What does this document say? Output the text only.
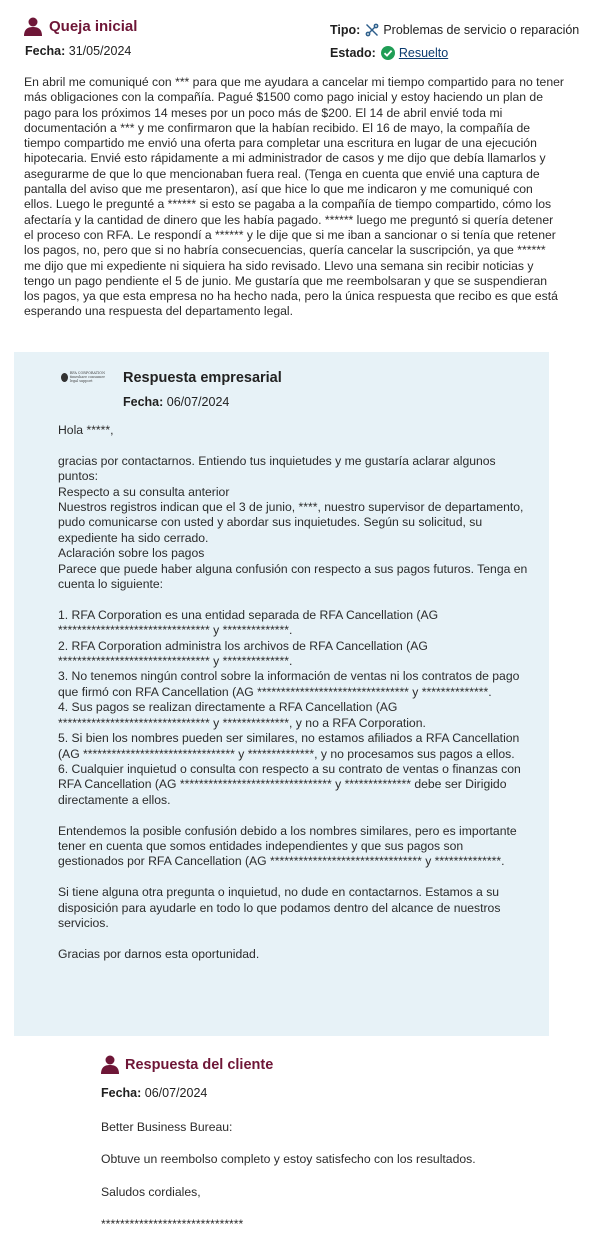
Queja inicial
Fecha: 31/05/2024
Tipo: Problemas de servicio o reparación
Estado: Resuelto
En abril me comuniqué con *** para que me ayudara a cancelar mi tiempo compartido para no tener más obligaciones con la compañía. Pagué $1500 como pago inicial y estoy haciendo un plan de pago para los próximos 14 meses por un poco más de $200. El 14 de abril envié toda mi documentación a *** y me confirmaron que la habían recibido. El 16 de mayo, la compañía de tiempo compartido me envió una oferta para completar una escritura en lugar de una ejecución hipotecaria. Envié esto rápidamente a mi administrador de casos y me dijo que debía llamarlos y asegurarme de que lo que mencionaban fuera real. (Tenga en cuenta que envié una captura de pantalla del aviso que me presentaron), así que hice lo que me indicaron y me comuniqué con ellos. Luego le pregunté a ****** si esto se pagaba a la compañía de tiempo compartido, cómo los afectaría y la cantidad de dinero que les había pagado. ****** luego me preguntó si quería detener el proceso con RFA. Le respondí a ****** y le dije que si me iban a sancionar o si tenía que retener los pagos, no, pero que si no habría consecuencias, quería cancelar la suscripción, ya que ****** me dijo que mi expediente ni siquiera ha sido revisado. Llevo una semana sin recibir noticias y tengo un pago pendiente el 5 de junio. Me gustaría que me reembolsaran y que se suspendieran los pagos, ya que esta empresa no ha hecho nada, pero la única respuesta que recibo es que está esperando una respuesta del departamento legal.
RFA CORPORATION
timeshare consumer legal support	Respuesta empresarial
Fecha: 06/07/2024

Hola *****,

gracias por contactarnos. Entiendo tus inquietudes y me gustaría aclarar algunos puntos:

Respecto a su consulta anterior

Nuestros registros indican que el 3 de junio, ****, nuestro supervisor de departamento, pudo comunicarse con usted y abordar sus inquietudes. Según su solicitud, su expediente ha sido cerrado.

Aclaración sobre los pagos

Parece que puede haber alguna confusión con respecto a sus pagos futuros. Tenga en cuenta lo siguiente:

1. RFA Corporation es una entidad separada de RFA Cancellation (AG ******************************** y **************.

2. RFA Corporation administra los archivos de RFA Cancellation (AG ******************************** y **************.

3. No tenemos ningún control sobre la información de ventas ni los contratos de pago que firmó con RFA Cancellation (AG ******************************** y **************.

4. Sus pagos se realizan directamente a RFA Cancellation (AG ******************************** y **************, y no a RFA Corporation.

5. Si bien los nombres pueden ser similares, no estamos afiliados a RFA Cancellation (AG ******************************** y **************, y no procesamos sus pagos a ellos.

6. Cualquier inquietud o consulta con respecto a su contrato de ventas o finanzas con RFA Cancellation (AG ******************************** y ************** debe ser Dirigido directamente a ellos.

Entendemos la posible confusión debido a los nombres similares, pero es importante tener en cuenta que somos entidades independientes y que sus pagos son gestionados por RFA Cancellation (AG ******************************** y **************.

Si tiene alguna otra pregunta o inquietud, no dude en contactarnos. Estamos a su disposición para ayudarle en todo lo que podamos dentro del alcance de nuestros servicios.

Gracias por darnos esta oportunidad.

Respuesta del cliente
Fecha: 06/07/2024

Better Business Bureau:

Obtuve un reembolso completo y estoy satisfecho con los resultados.

Saludos cordiales,

******************************
